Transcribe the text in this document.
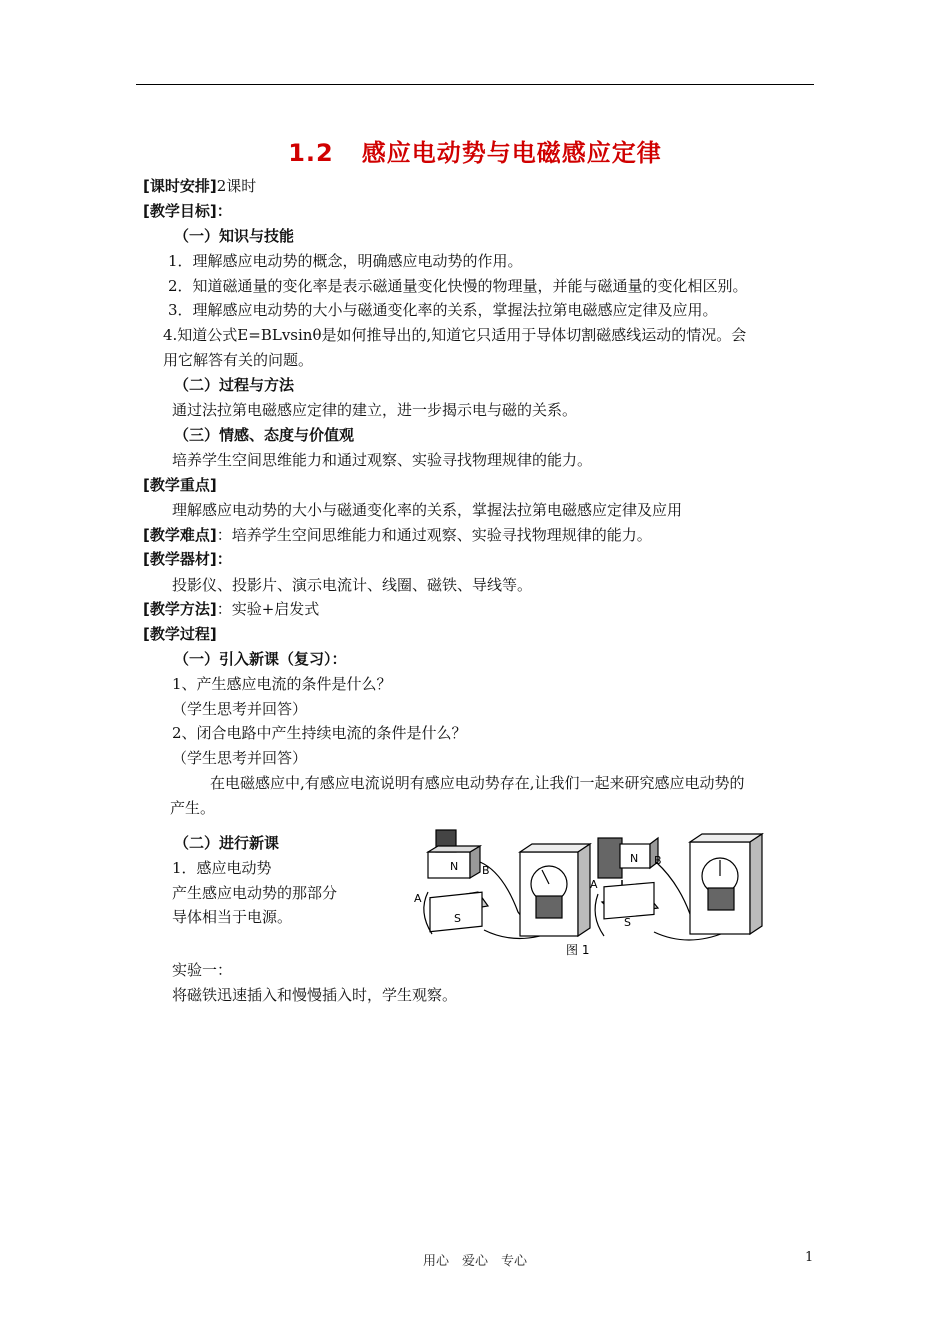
1.2 感应电动势与电磁感应定律
[课时安排]2课时
[教学目标]：
（一）知识与技能
1．理解感应电动势的概念，明确感应电动势的作用。
2．知道磁通量的变化率是表示磁通量变化快慢的物理量，并能与磁通量的变化相区别。
3．理解感应电动势的大小与磁通变化率的关系，掌握法拉第电磁感应定律及应用。
4.知道公式E=BLvsinθ是如何推导出的,知道它只适用于导体切割磁感线运动的情况。会
用它解答有关的问题。
（二）过程与方法
通过法拉第电磁感应定律的建立，进一步揭示电与磁的关系。
（三）情感、态度与价值观
培养学生空间思维能力和通过观察、实验寻找物理规律的能力。
[教学重点]
理解感应电动势的大小与磁通变化率的关系，掌握法拉第电磁感应定律及应用
[教学难点]：培养学生空间思维能力和通过观察、实验寻找物理规律的能力。
[教学器材]：
投影仪、投影片、演示电流计、线圈、磁铁、导线等。
[教学方法]：实验+启发式
[教学过程]
（一）引入新课（复习）：
1、产生感应电流的条件是什么？
（学生思考并回答）
2、闭合电路中产生持续电流的条件是什么？
（学生思考并回答）
在电磁感应中,有感应电流说明有感应电动势存在,让我们一起来研究感应电动势的
产生。
（二）进行新课
1．感应电动势
产生感应电动势的那部分
导体相当于电源。
A
B
N
S
A
B
N
S
图 1
实验一：
将磁铁迅速插入和慢慢插入时，学生观察。
用心　爱心　专心	1
